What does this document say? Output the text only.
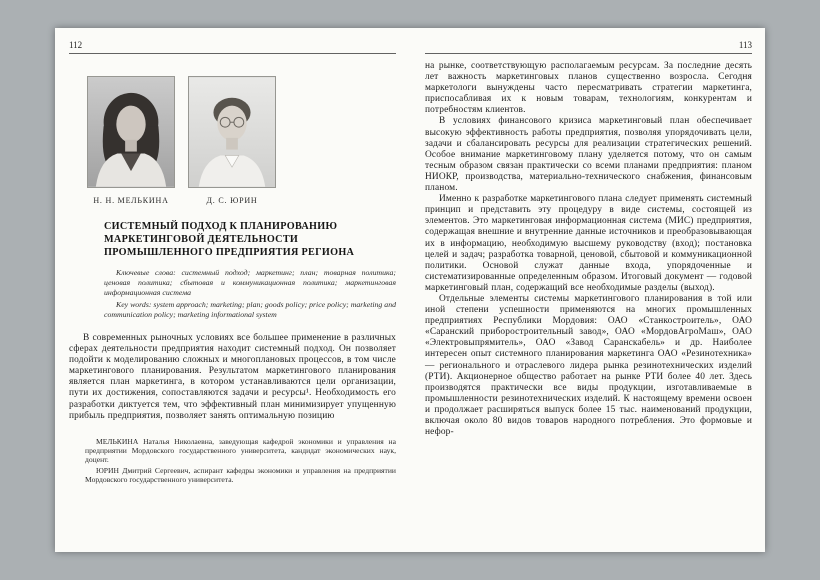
112
Н. Н. МЕЛЬКИНА	Д. С. ЮРИН
СИСТЕМНЫЙ ПОДХОД К ПЛАНИРОВАНИЮ
МАРКЕТИНГОВОЙ ДЕЯТЕЛЬНОСТИ
ПРОМЫШЛЕННОГО ПРЕДПРИЯТИЯ РЕГИОНА

Ключевые слова: системный подход; маркетинг; план; товарная политика; ценовая политика; сбытовая и коммуникационная политика; маркетинговая информационная система

Key words: system approach; marketing; plan; goods policy; price policy; marketing and communication policy; marketing informational system

В современных рыночных условиях все большее применение в различных сферах деятельности предприятия находит системный подход. Он позволяет подойти к моделированию сложных и многоплановых процессов, в том числе маркетингового планирования. Результатом маркетингового планирования является план маркетинга, в котором устанавливаются цели организации, пути их достижения, сопоставляются задачи и ресурсы¹. Необходимость его разработки диктуется тем, что эффективный план минимизирует упущенную прибыль предприятия, позволяет занять оптимальную позицию

МЕЛЬКИНА Наталья Николаевна, заведующая кафедрой экономики и управления на предприятии Мордовского государственного университета, кандидат экономических наук, доцент.

ЮРИН Дмитрий Сергеевич, аспирант кафедры экономики и управления на предприятии Мордовского государственного университета.

113

на рынке, соответствующую располагаемым ресурсам. За последние десять лет важность маркетинговых планов существенно возросла. Сегодня маркетологи вынуждены часто пересматривать стратегии маркетинга, приспосабливая их к новым товарам, технологиям, конкурентам и потребностям клиентов.

В условиях финансового кризиса маркетинговый план обеспечивает высокую эффективность работы предприятия, позволяя упорядочивать цели, задачи и сбалансировать ресурсы для реализации стратегических решений. Особое внимание маркетинговому плану уделяется потому, что он самым тесным образом связан практически со всеми планами предприятия: планом НИОКР, производства, материально-технического снабжения, финансовым планом.

Именно к разработке маркетингового плана следует применять системный принцип и представить эту процедуру в виде системы, состоящей из элементов. Это маркетинговая информационная система (МИС) предприятия, содержащая внешние и внутренние данные источников и преобразовывающая их в информацию, необходимую высшему руководству (вход); постановка целей и задач; разработка товарной, ценовой, сбытовой и коммуникационной политики. Основой служат данные входа, упорядоченные и систематизированные определенным образом. Итоговый документ — годовой маркетинговый план, содержащий все необходимые разделы (выход).

Отдельные элементы системы маркетингового планирования в той или иной степени успешности применяются на многих промышленных предприятиях Республики Мордовия: ОАО «Станкостроитель», ОАО «Саранский приборостроительный завод», ОАО «МордовАгроМаш», ОАО «Электровыпрямитель», ОАО «Завод Саранскабель» и др. Наиболее интересен опыт системного планирования маркетинга ОАО «Резинотехника» — регионального и отраслевого лидера рынка резинотехнических изделий (РТИ). Акционерное общество работает на рынке РТИ более 40 лет. Здесь производятся практически все виды продукции, изготавливаемые в промышленности резинотехнических изделий. К настоящему времени освоен и продолжает расширяться выпуск более 15 тыс. наименований продукции, включая около 80 видов товаров народного потребления. Это формовые и нефор-
